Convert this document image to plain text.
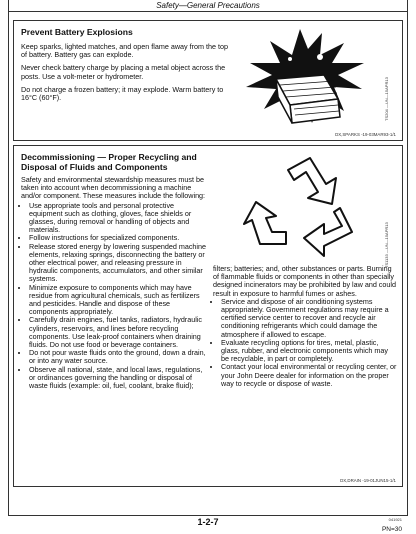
Safety—General Precautions

Prevent Battery Explosions

Keep sparks, lighted matches, and open flame away from the top of battery. Battery gas can explode.

Never check battery charge by placing a metal object across the posts. Use a volt-meter or hydrometer.

Do not charge a frozen battery; it may explode. Warm battery to 16°C (60°F).	TS204 —UN—15APR13
DX,SPARKS -19-03MAR93-1/1

Decommissioning — Proper Recycling and Disposal of Fluids and Components

Safety and environmental stewardship measures must be taken into account when decommissioning a machine and/or component. These measures include the following:

• Use appropriate tools and personal protective equipment such as clothing, gloves, face shields or glasses, during removal or handling of objects and materials.
• Follow instructions for specialized components.
• Release stored energy by lowering suspended machine elements, relaxing springs, disconnecting the battery or other electrical power, and releasing pressure in hydraulic components, accumulators, and other similar systems.
• Minimize exposure to components which may have residue from agricultural chemicals, such as fertilizers and pesticides. Handle and dispose of these components appropriately.
• Carefully drain engines, fuel tanks, radiators, hydraulic cylinders, reservoirs, and lines before recycling components. Use leak-proof containers when draining fluids. Do not use food or beverage containers.
• Do not pour waste fluids onto the ground, down a drain, or into any water source.
• Observe all national, state, and local laws, regulations, or ordinances governing the handling or disposal of waste fluids (example: oil, fuel, coolant, brake fluid);
TS1133 —UN—15APR13

filters; batteries; and, other substances or parts. Burning of flammable fluids or components in other than specially designed incinerators may be prohibited by law and could result in exposure to harmful fumes or ashes.

• Service and dispose of air conditioning systems appropriately. Government regulations may require a certified service center to recover and recycle air conditioning refrigerants which could damage the atmosphere if allowed to escape.
• Evaluate recycling options for tires, metal, plastic, glass, rubber, and electronic components which may be recyclable, in part or completely.
• Contact your local environmental or recycling center, or your John Deere dealer for information on the proper way to recycle or dispose of waste.
DX,DRAIN -19-01JUN15-1/1
1-2-7	041921
PN=30
